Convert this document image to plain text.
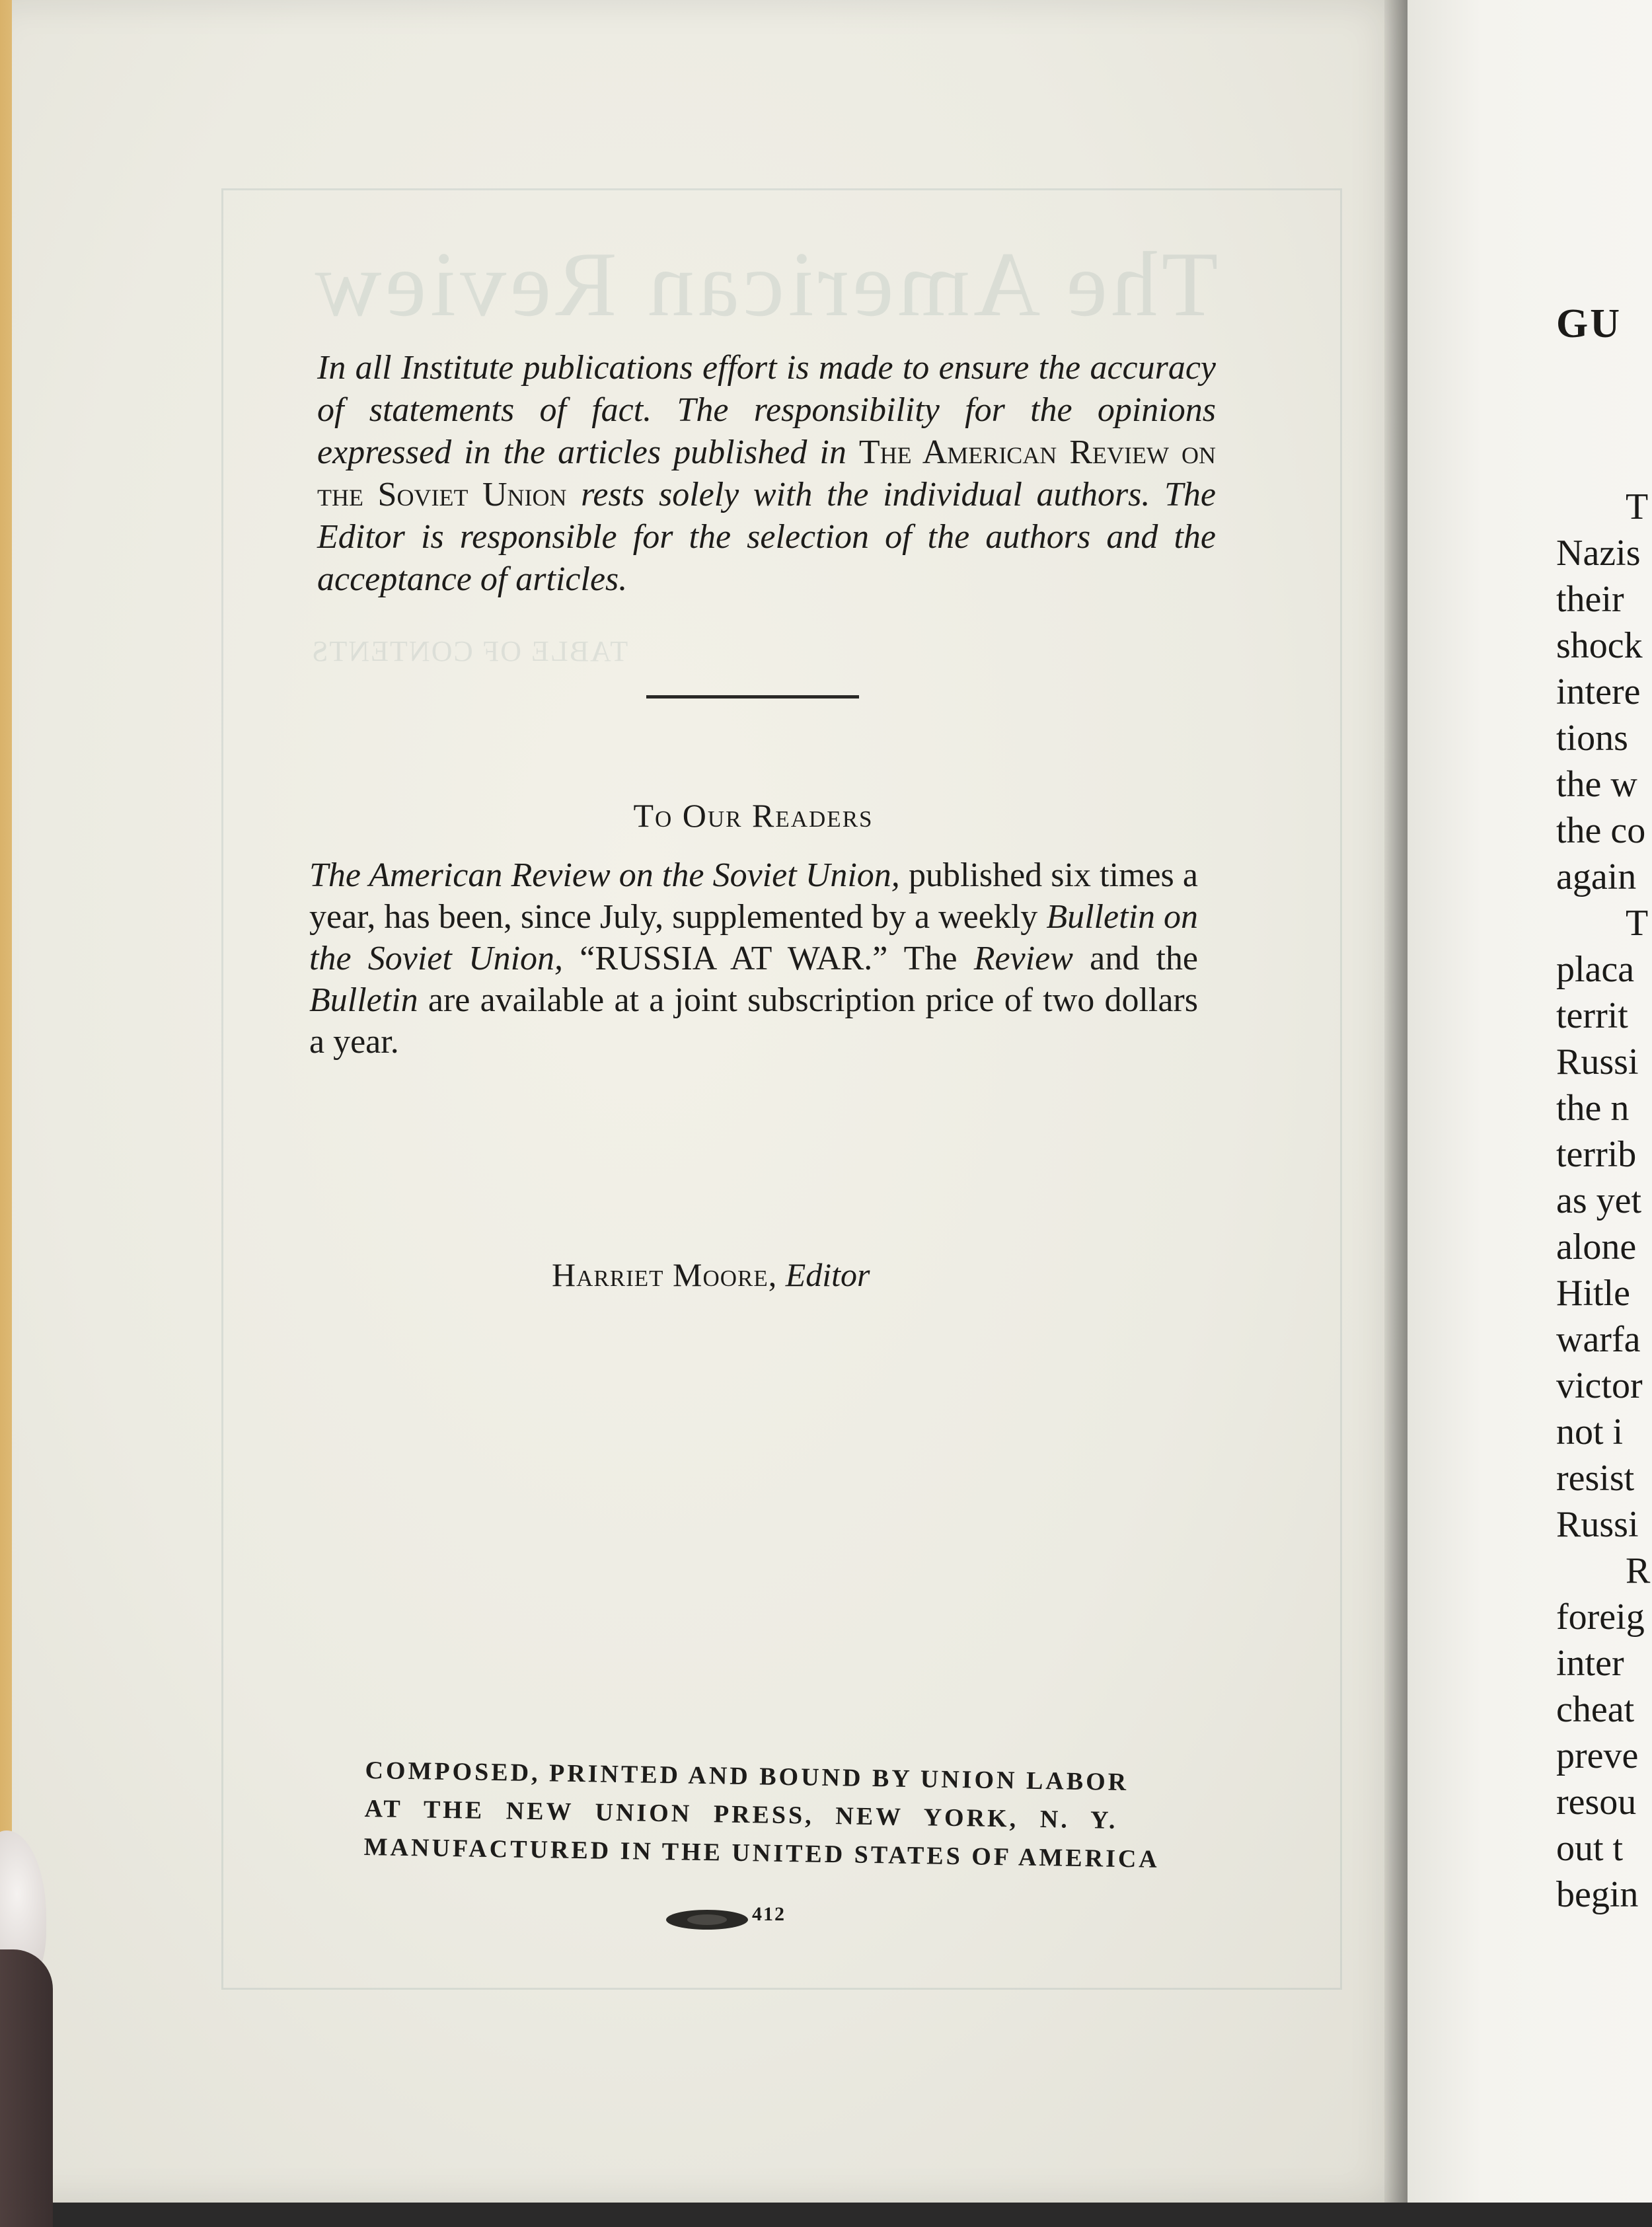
The American Review
TABLE OF CONTENTS
In all Institute publications effort is made to ensure the accuracy of statements of fact. The responsibility for the opinions expressed in the articles published in The American Review on the Soviet Union rests solely with the individual authors. The Editor is responsible for the selection of the authors and the acceptance of articles.
To Our Readers
The American Review on the Soviet Union, published six times a year, has been, since July, supplemented by a weekly Bulletin on the Soviet Union, “RUSSIA AT WAR.” The Review and the Bulletin are available at a joint subscription price of two dollars a year.
Harriet Moore, Editor
COMPOSED, PRINTED AND BOUND BY UNION LABOR
AT THE NEW UNION PRESS, NEW YORK, N. Y.
MANUFACTURED IN THE UNITED STATES OF AMERICA
412
GU
T
Nazis
their
shock
intere
tions
the w
the co
again
T
placa
territ
Russi
the n
terrib
as yet
alone
Hitle
warfa
victor
not i
resist
Russi
R
foreig
inter
cheat
preve
resou
out t
begin
